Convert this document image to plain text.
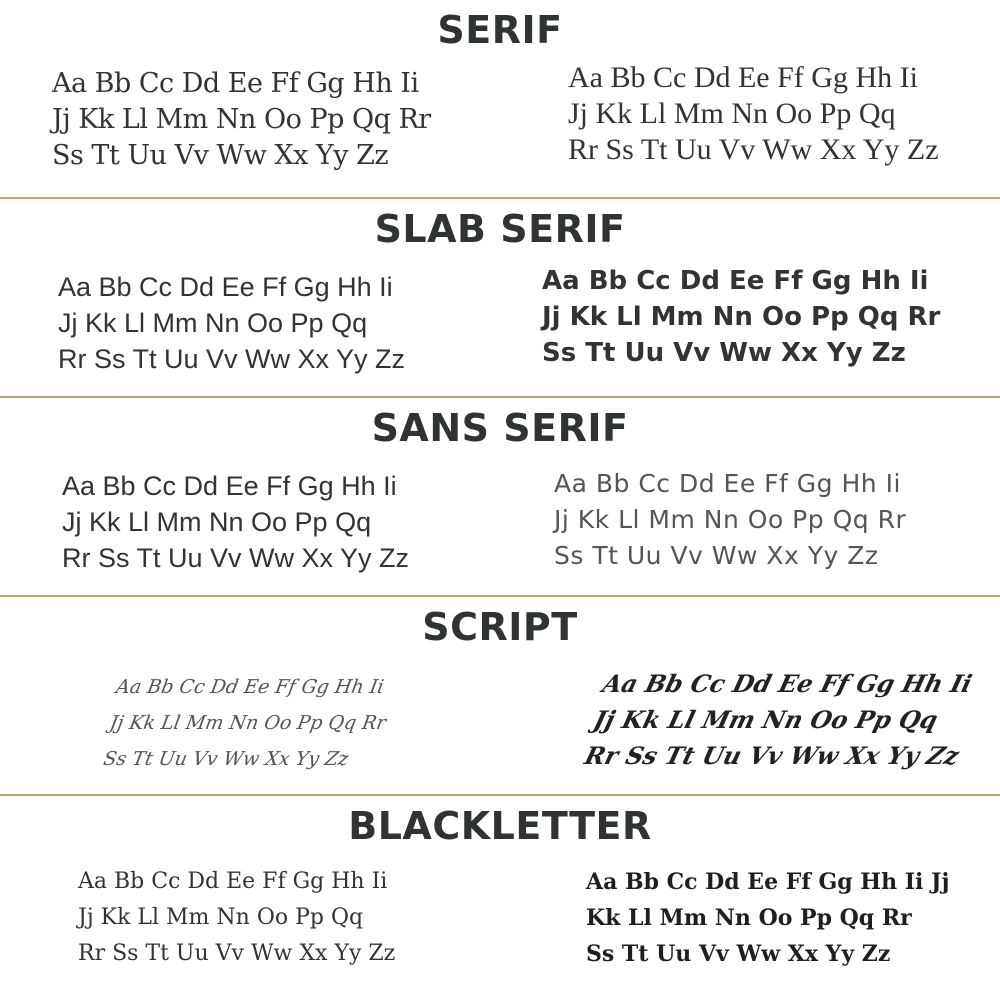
SERIF
Aa Bb Cc Dd Ee Ff Gg Hh Ii
Jj Kk Ll Mm Nn Oo Pp Qq Rr
Ss Tt Uu Vv Ww Xx Yy Zz
Aa Bb Cc Dd Ee Ff Gg Hh Ii
Jj Kk Ll Mm Nn Oo Pp Qq
Rr Ss Tt Uu Vv Ww Xx Yy Zz
SLAB SERIF
Aa Bb Cc Dd Ee Ff Gg Hh Ii
Jj Kk Ll Mm Nn Oo Pp Qq
Rr Ss Tt Uu Vv Ww Xx Yy Zz
Aa Bb Cc Dd Ee Ff Gg Hh Ii
Jj Kk Ll Mm Nn Oo Pp Qq Rr
Ss Tt Uu Vv Ww Xx Yy Zz
SANS SERIF
Aa Bb Cc Dd Ee Ff Gg Hh Ii
Jj Kk Ll Mm Nn Oo Pp Qq
Rr Ss Tt Uu Vv Ww Xx Yy Zz
Aa Bb Cc Dd Ee Ff Gg Hh Ii
Jj Kk Ll Mm Nn Oo Pp Qq Rr
Ss Tt Uu Vv Ww Xx Yy Zz
SCRIPT
Aa Bb Cc Dd Ee Ff Gg Hh Ii
Jj Kk Ll Mm Nn Oo Pp Qq Rr
Ss Tt Uu Vv Ww Xx Yy Zz
Aa Bb Cc Dd Ee Ff Gg Hh Ii
Jj Kk Ll Mm Nn Oo Pp Qq
Rr Ss Tt Uu Vv Ww Xx Yy Zz
BLACKLETTER
Aa Bb Cc Dd Ee Ff Gg Hh Ii
Jj Kk Ll Mm Nn Oo Pp Qq
Rr Ss Tt Uu Vv Ww Xx Yy Zz
Aa Bb Cc Dd Ee Ff Gg Hh Ii Jj
Kk Ll Mm Nn Oo Pp Qq Rr
Ss Tt Uu Vv Ww Xx Yy Zz
